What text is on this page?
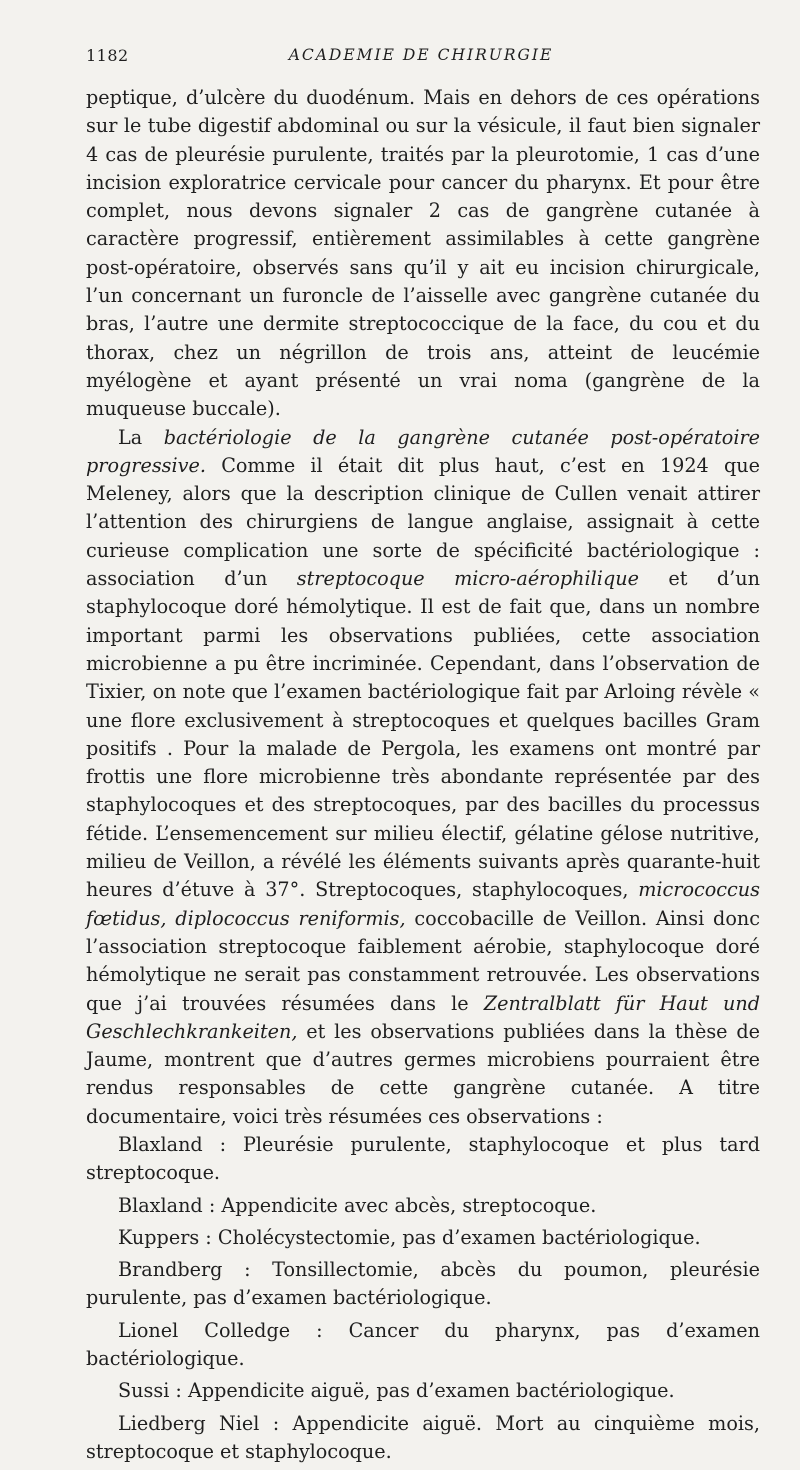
1182	ACADEMIE DE CHIRURGIE

peptique, d’ulcère du duodénum. Mais en dehors de ces opérations sur le tube digestif abdominal ou sur la vésicule, il faut bien signaler 4 cas de pleurésie purulente, traités par la pleurotomie, 1 cas d’une incision exploratrice cervicale pour cancer du pharynx. Et pour être complet, nous devons signaler 2 cas de gangrène cutanée à caractère progressif, entièrement assimilables à cette gangrène post-opératoire, observés sans qu’il y ait eu incision chirurgicale, l’un concernant un furoncle de l’aisselle avec gangrène cutanée du bras, l’autre une dermite streptococcique de la face, du cou et du thorax, chez un négrillon de trois ans, atteint de leucémie myélogène et ayant présenté un vrai noma (gangrène de la muqueuse buccale).

La bactériologie de la gangrène cutanée post-opératoire progressive. Comme il était dit plus haut, c’est en 1924 que Meleney, alors que la description clinique de Cullen venait attirer l’attention des chirurgiens de langue anglaise, assignait à cette curieuse complication une sorte de spécificité bactériologique : association d’un streptocoque micro-aérophilique et d’un staphylocoque doré hémolytique. Il est de fait que, dans un nombre important parmi les observations publiées, cette association microbienne a pu être incriminée. Cependant, dans l’observation de Tixier, on note que l’examen bactériologique fait par Arloing révèle « une flore exclusivement à streptocoques et quelques bacilles Gram positifs . Pour la malade de Pergola, les examens ont montré par frottis une flore microbienne très abondante représentée par des staphylocoques et des streptocoques, par des bacilles du processus fétide. L’ensemencement sur milieu électif, gélatine gélose nutritive, milieu de Veillon, a révélé les éléments suivants après quarante-huit heures d’étuve à 37°. Streptocoques, staphylocoques, micrococcus fœtidus, diplococcus reniformis, coccobacille de Veillon. Ainsi donc l’association streptocoque faiblement aérobie, staphylocoque doré hémolytique ne serait pas constamment retrouvée. Les observations que j’ai trouvées résumées dans le Zentralblatt für Haut und Geschlechkrankeiten, et les observations publiées dans la thèse de Jaume, montrent que d’autres germes microbiens pourraient être rendus responsables de cette gangrène cutanée. A titre documentaire, voici très résumées ces observations :

Blaxland : Pleurésie purulente, staphylocoque et plus tard streptocoque.

Blaxland : Appendicite avec abcès, streptocoque.

Kuppers : Cholécystectomie, pas d’examen bactériologique.

Brandberg : Tonsillectomie, abcès du poumon, pleurésie purulente, pas d’examen bactériologique.

Lionel Colledge : Cancer du pharynx, pas d’examen bactériologique.

Sussi : Appendicite aiguë, pas d’examen bactériologique.

Liedberg Niel : Appendicite aiguë. Mort au cinquième mois, streptocoque et staphylocoque.
